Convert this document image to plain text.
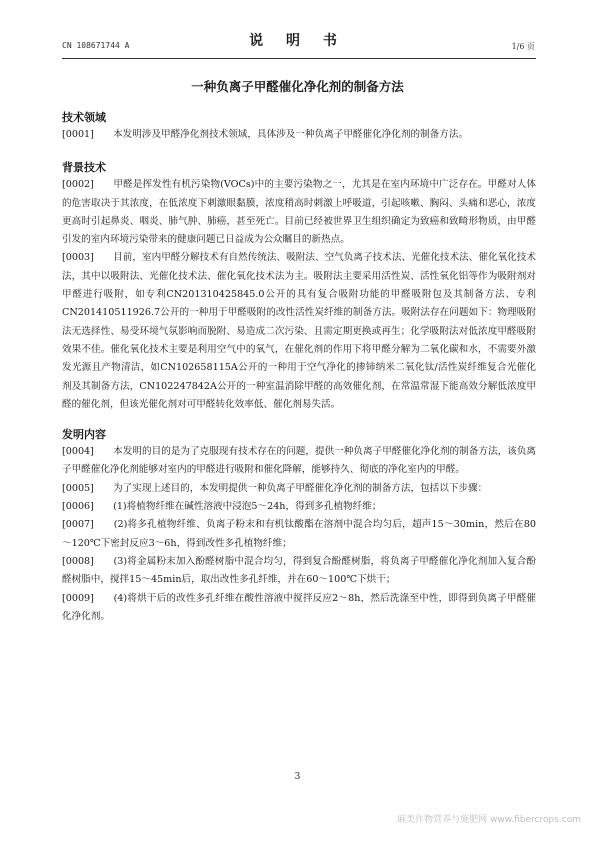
CN 108671744 A	说 明 书	1/6 页
一种负离子甲醛催化净化剂的制备方法
技术领域

[0001]　　本发明涉及甲醛净化剂技术领域，具体涉及一种负离子甲醛催化净化剂的制备方法。

背景技术

[0002]　　甲醛是挥发性有机污染物(VOCs)中的主要污染物之一，尤其是在室内环境中广泛存在。甲醛对人体的危害取决于其浓度，在低浓度下刺激眼黏膜，浓度稍高时刺激上呼吸道，引起咳嗽、胸闷、头痛和恶心，浓度更高时引起鼻炎、咽炎、肺气肿、肺癌，甚至死亡。目前已经被世界卫生组织确定为致癌和致畸形物质，由甲醛引发的室内环境污染带来的健康问题已日益成为公众瞩目的新热点。

[0003]　　目前，室内甲醛分解技术有自然传统法、吸附法、空气负离子技术法、光催化技术法、催化氧化技术法，其中以吸附法、光催化技术法、催化氧化技术法为主。吸附法主要采用活性炭、活性氧化铝等作为吸附剂对甲醛进行吸附，如专利CN201310425845.0公开的具有复合吸附功能的甲醛吸附包及其制备方法、专利CN201410511926.7公开的一种用于甲醛吸附的改性活性炭纤维的制备方法。吸附法存在问题如下：物理吸附法无选择性、易受环境气氛影响而脱附、易造成二次污染、且需定期更换或再生；化学吸附法对低浓度甲醛吸附效果不佳。催化氧化技术主要是利用空气中的氧气，在催化剂的作用下将甲醛分解为二氧化碳和水，不需要外激发光源且产物清洁，如CN102658115A公开的一种用于空气净化的掺铈纳米二氧化钛/活性炭纤维复合光催化剂及其制备方法，CN102247842A公开的一种室温消除甲醛的高效催化剂，在常温常湿下能高效分解低浓度甲醛的催化剂，但该光催化剂对可甲醛转化效率低、催化剂易失活。

发明内容

[0004]　　本发明的目的是为了克服现有技术存在的问题，提供一种负离子甲醛催化净化剂的制备方法，该负离子甲醛催化净化剂能够对室内的甲醛进行吸附和催化降解，能够持久、彻底的净化室内的甲醛。

[0005]　　为了实现上述目的，本发明提供一种负离子甲醛催化净化剂的制备方法，包括以下步骤：

[0006]　　(1)将植物纤维在碱性溶液中浸泡5～24h，得到多孔植物纤维；

[0007]　　(2)将多孔植物纤维、负离子粉末和有机钛酸酯在溶剂中混合均匀后，超声15～30min，然后在80～120℃下密封反应3～6h，得到改性多孔植物纤维；

[0008]　　(3)将金属粉末加入酚醛树脂中混合均匀，得到复合酚醛树脂，将负离子甲醛催化净化剂加入复合酚醛树脂中，搅拌15～45min后，取出改性多孔纤维，并在60～100℃下烘干；

[0009]　　(4)将烘干后的改性多孔纤维在酸性溶液中搅拌反应2～8h，然后洗涤至中性，即得到负离子甲醛催化净化剂。

3
麻类作物营养与施肥网 www.fibercrops.com
